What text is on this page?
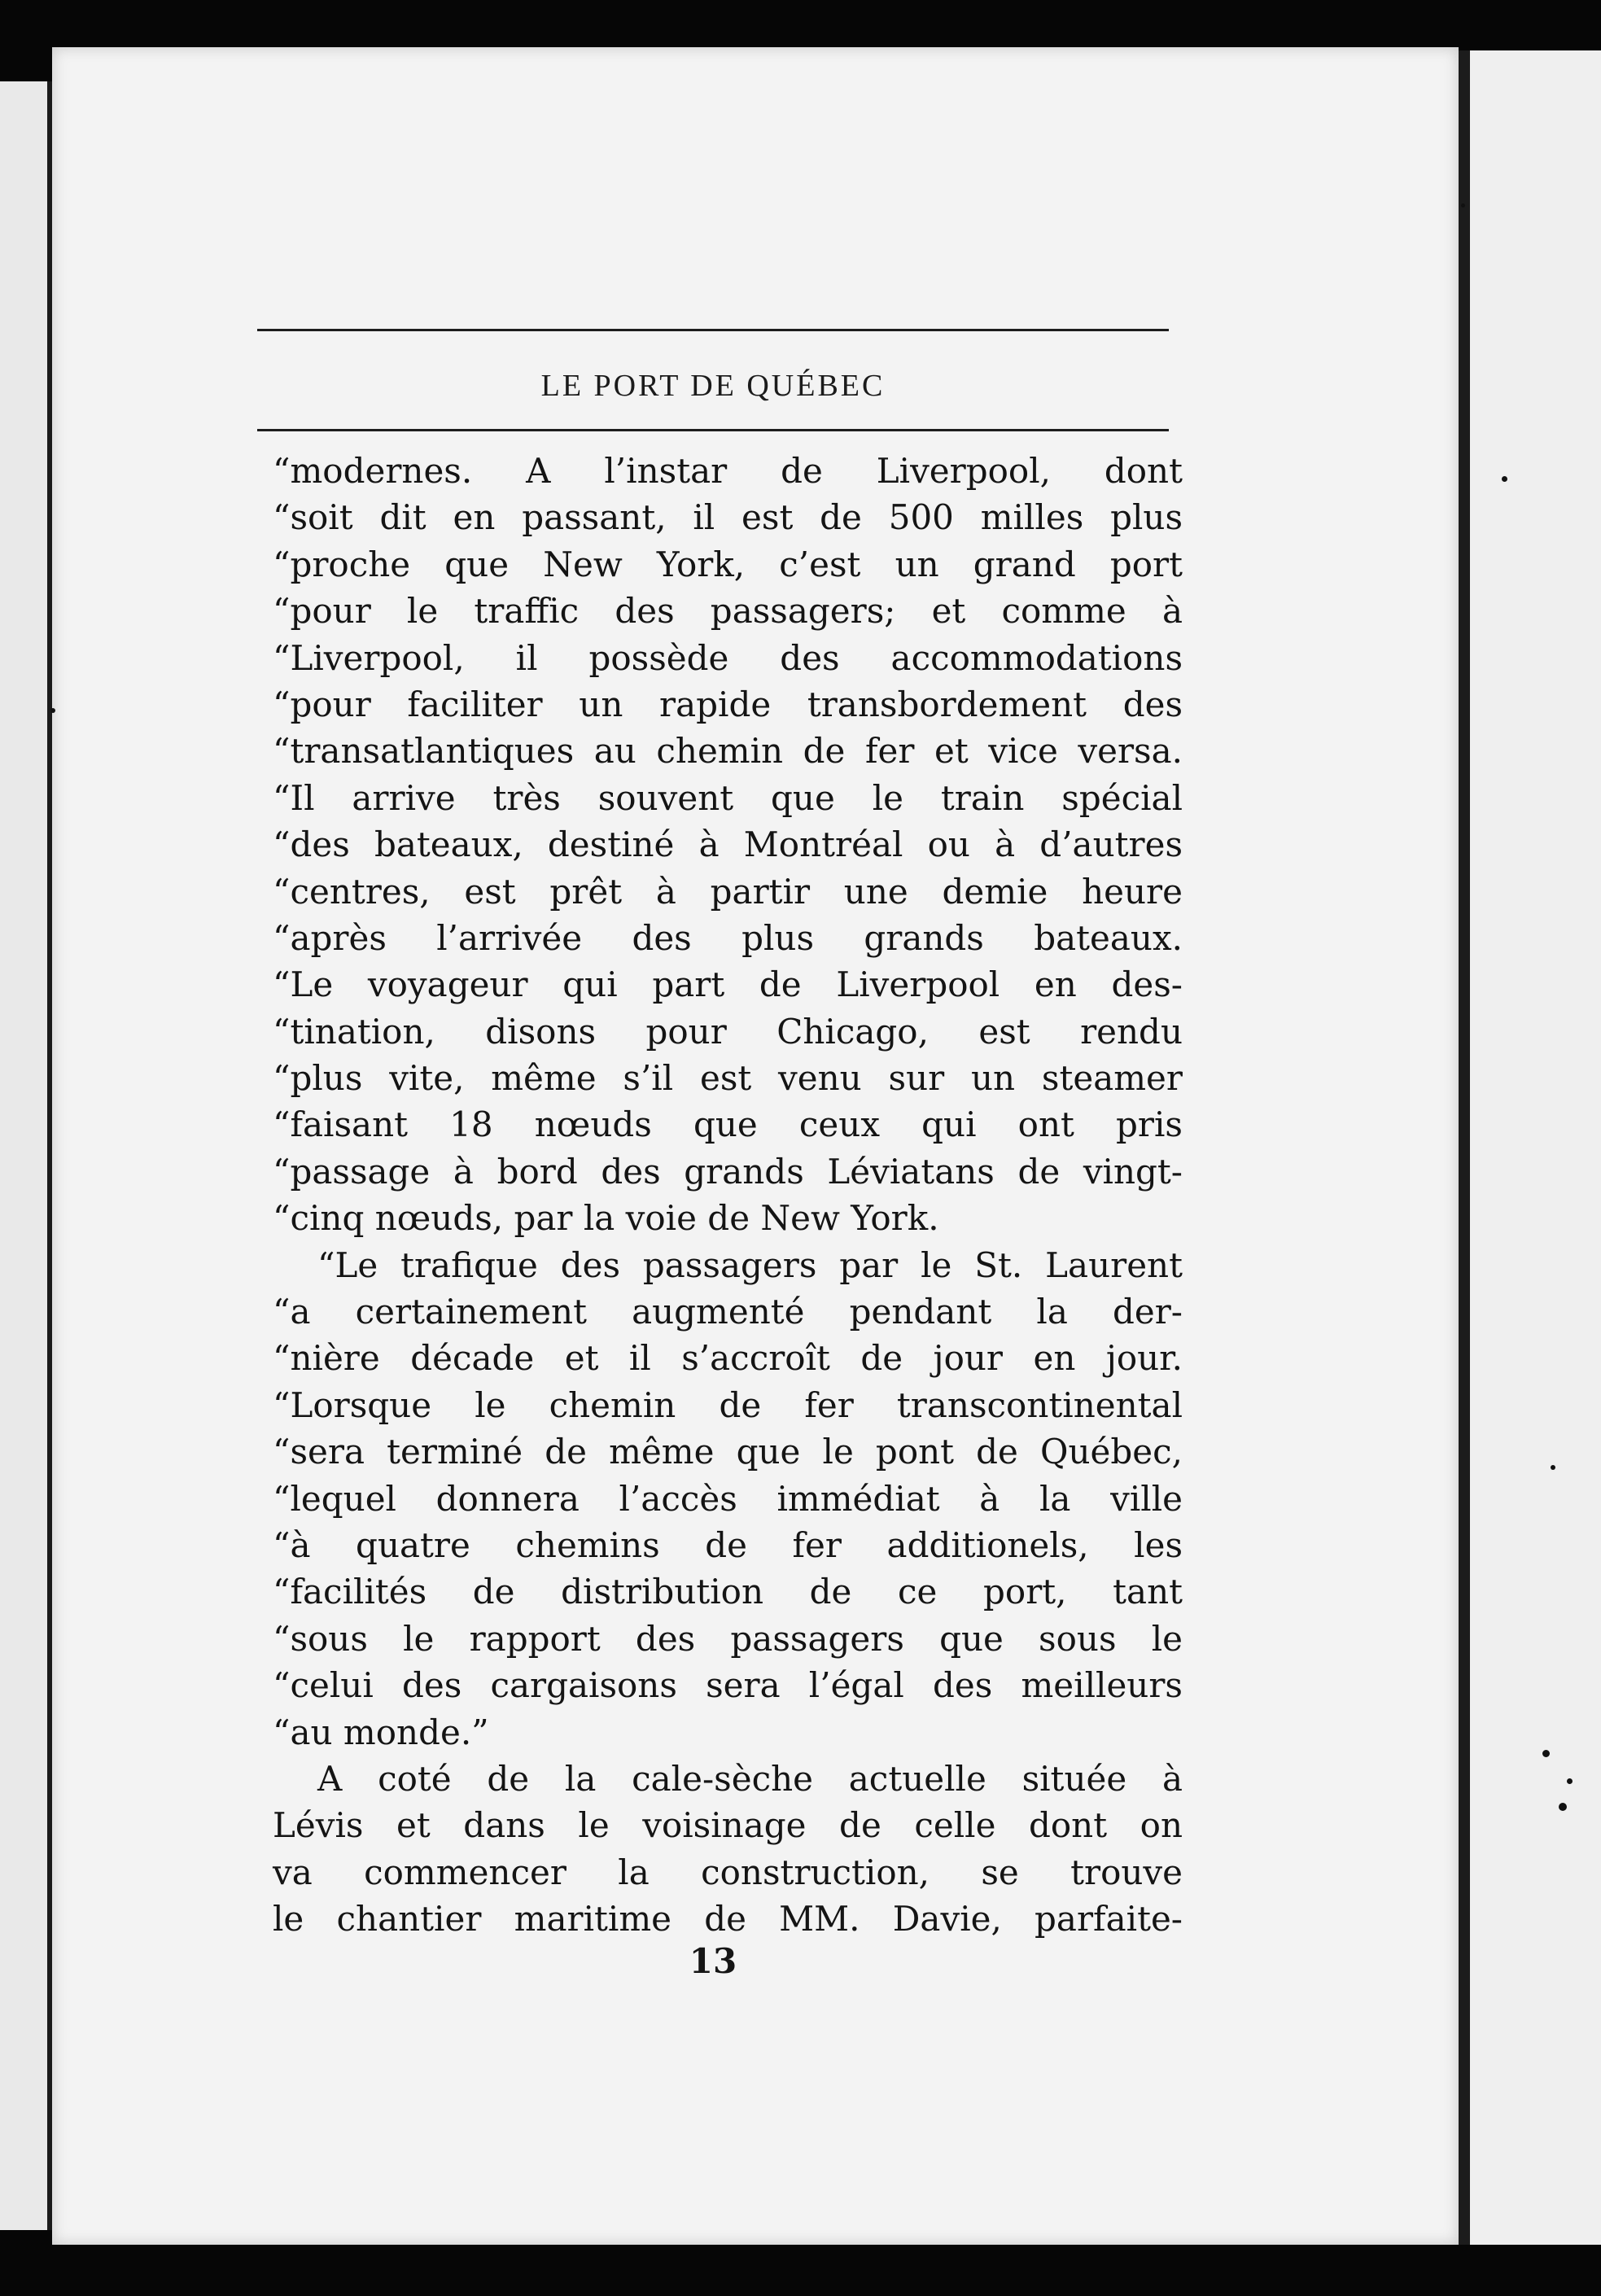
LE PORT DE QUÉBEC
“modernes. A l’instar de Liverpool, dont
“soit dit en passant, il est de 500 milles plus
“proche que New York, c’est un grand port
“pour le traffic des passagers; et comme à
“Liverpool, il possède des accommodations
“pour faciliter un rapide transbordement des
“transatlantiques au chemin de fer et vice versa.
“Il arrive très souvent que le train spécial
“des bateaux, destiné à Montréal ou à d’autres
“centres, est prêt à partir une demie heure
“après l’arrivée des plus grands bateaux.
“Le voyageur qui part de Liverpool en des-
“tination, disons pour Chicago, est rendu
“plus vite, même s’il est venu sur un steamer
“faisant 18 nœuds que ceux qui ont pris
“passage à bord des grands Léviatans de vingt-
“cinq nœuds, par la voie de New York.
“Le trafique des passagers par le St. Laurent
“a certainement augmenté pendant la der-
“nière décade et il s’accroît de jour en jour.
“Lorsque le chemin de fer transcontinental
“sera terminé de même que le pont de Québec,
“lequel donnera l’accès immédiat à la ville
“à quatre chemins de fer additionels, les
“facilités de distribution de ce port, tant
“sous le rapport des passagers que sous le
“celui des cargaisons sera l’égal des meilleurs
“au monde.”
A coté de la cale-sèche actuelle située à
Lévis et dans le voisinage de celle dont on
va commencer la construction, se trouve
le chantier maritime de MM. Davie, parfaite-
13
